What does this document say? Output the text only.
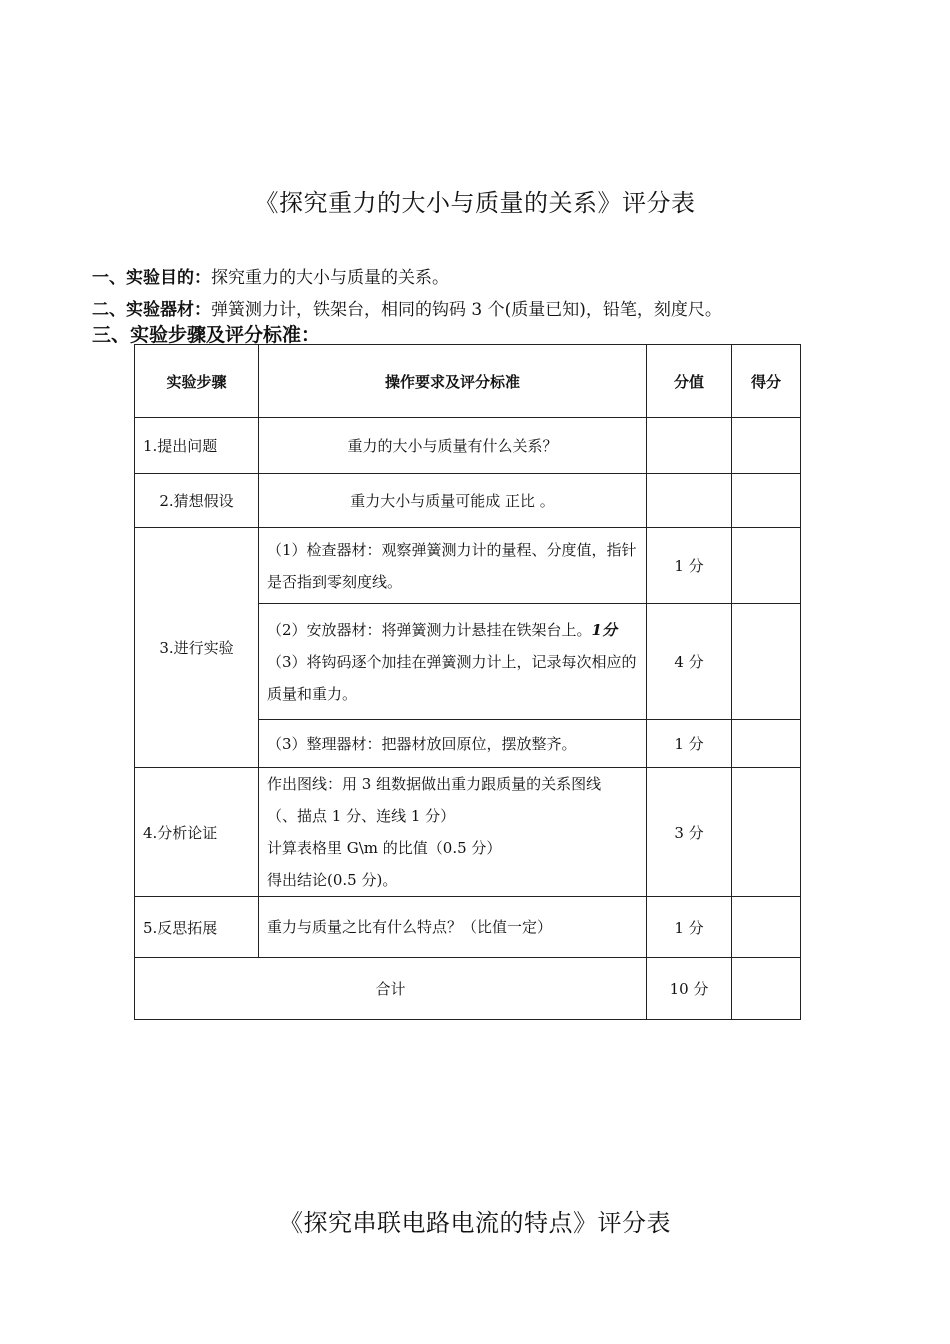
《探究重力的大小与质量的关系》评分表
一、实验目的：探究重力的大小与质量的关系。
二、实验器材：弹簧测力计，铁架台，相同的钩码 3 个(质量已知)，铅笔，刻度尺。
三、实验步骤及评分标准：
实验步骤	操作要求及评分标准	分值	得分
1.提出问题	重力的大小与质量有什么关系？		
2.猜想假设	重力大小与质量可能成 正比 。		
3.进行实验	（1）检查器材：观察弹簧测力计的量程、分度值，指针是否指到零刻度线。	1 分	
	（2）安放器材：将弹簧测力计悬挂在铁架台上。1分
（3）将钩码逐个加挂在弹簧测力计上，记录每次相应的质量和重力。	4 分	
	（3）整理器材：把器材放回原位，摆放整齐。	1 分	
4.分析论证	作出图线：用 3 组数据做出重力跟质量的关系图线
（、描点 1 分、连线 1 分）
计算表格里 G\m 的比值（0.5 分）
得出结论(0.5 分)。	3 分	
5.反思拓展	重力与质量之比有什么特点？（比值一定）	1 分	
合计		10 分	
《探究串联电路电流的特点》评分表
